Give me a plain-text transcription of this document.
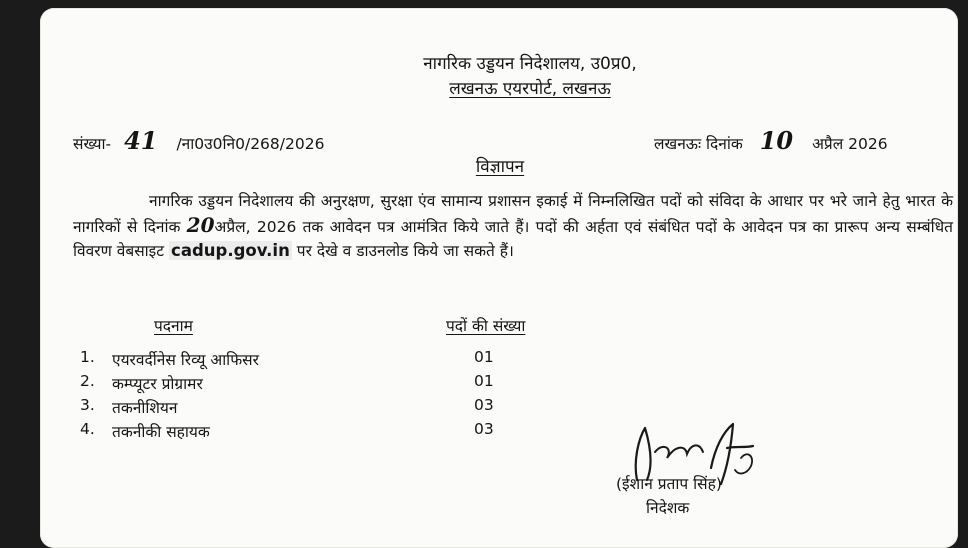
नागरिक उड्डयन निदेशालय, उ0प्र0,
लखनऊ एयरपोर्ट, लखनऊ
संख्या- 41 /ना0उ0नि0/268/2026	लखनऊः दिनांक 10 अप्रैल 2026
विज्ञापन
नागरिक उड्डयन निदेशालय की अनुरक्षण, सुरक्षा एंव सामान्य प्रशासन इकाई में निम्नलिखित पदों को संविदा के आधार पर भरे जाने हेतु भारत के नागरिकों से दिनांक 20अप्रैल, 2026 तक आवेदन पत्र आमंत्रित किये जाते हैं। पदों की अर्हता एवं संबंधित पदों के आवेदन पत्र का प्रारूप अन्य सम्बंधित विवरण वेबसाइट cadup.gov.in पर देखे व डाउनलोड किये जा सकते हैं।
पदनाम	पदों की संख्या
1. एयरवर्दीनेस रिव्यू आफिसर	01
2. कम्प्यूटर प्रोग्रामर	01
3. तकनीशियन	03
4. तकनीकी सहायक	03
(ईशान प्रताप सिंह)
निदेशक
